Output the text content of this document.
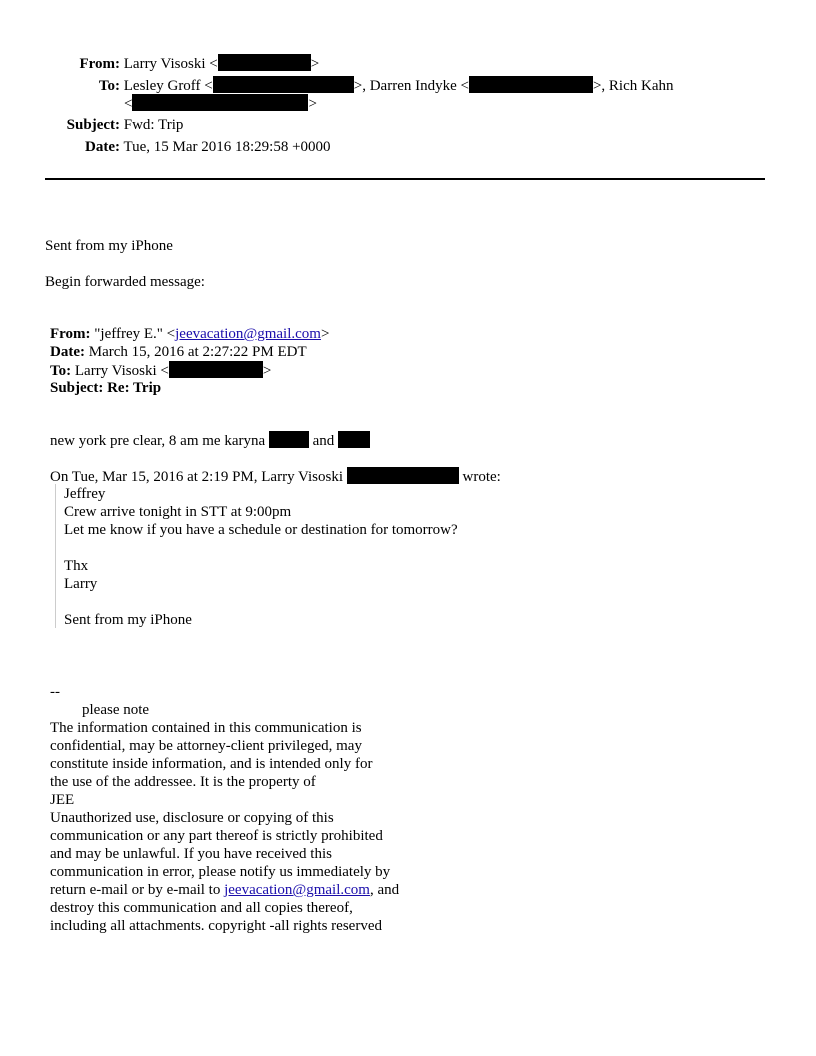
From: Larry Visoski <	>
To: Lesley Groff <	>, Darren Indyke <	>, Rich Kahn
<	>
Subject: Fwd: Trip
Date: Tue, 15 Mar 2016 18:29:58 +0000
Sent from my iPhone
Begin forwarded message:
From: "jeffrey E." <jeevacation@gmail.com>
Date: March 15, 2016 at 2:27:22 PM EDT
To: Larry Visoski <	>
Subject: Re: Trip
new york pre clear, 8 am me karyna	and
On Tue, Mar 15, 2016 at 2:19 PM, Larry Visoski	wrote:
Jeffrey
Crew arrive tonight in STT at 9:00pm
Let me know if you have a schedule or destination for tomorrow?
Thx
Larry
Sent from my iPhone
--
please note
The information contained in this communication is
confidential, may be attorney-client privileged, may
constitute inside information, and is intended only for
the use of the addressee. It is the property of
JEE
Unauthorized use, disclosure or copying of this
communication or any part thereof is strictly prohibited
and may be unlawful. If you have received this
communication in error, please notify us immediately by
return e-mail or by e-mail to jeevacation@gmail.com, and
destroy this communication and all copies thereof,
including all attachments. copyright -all rights reserved
